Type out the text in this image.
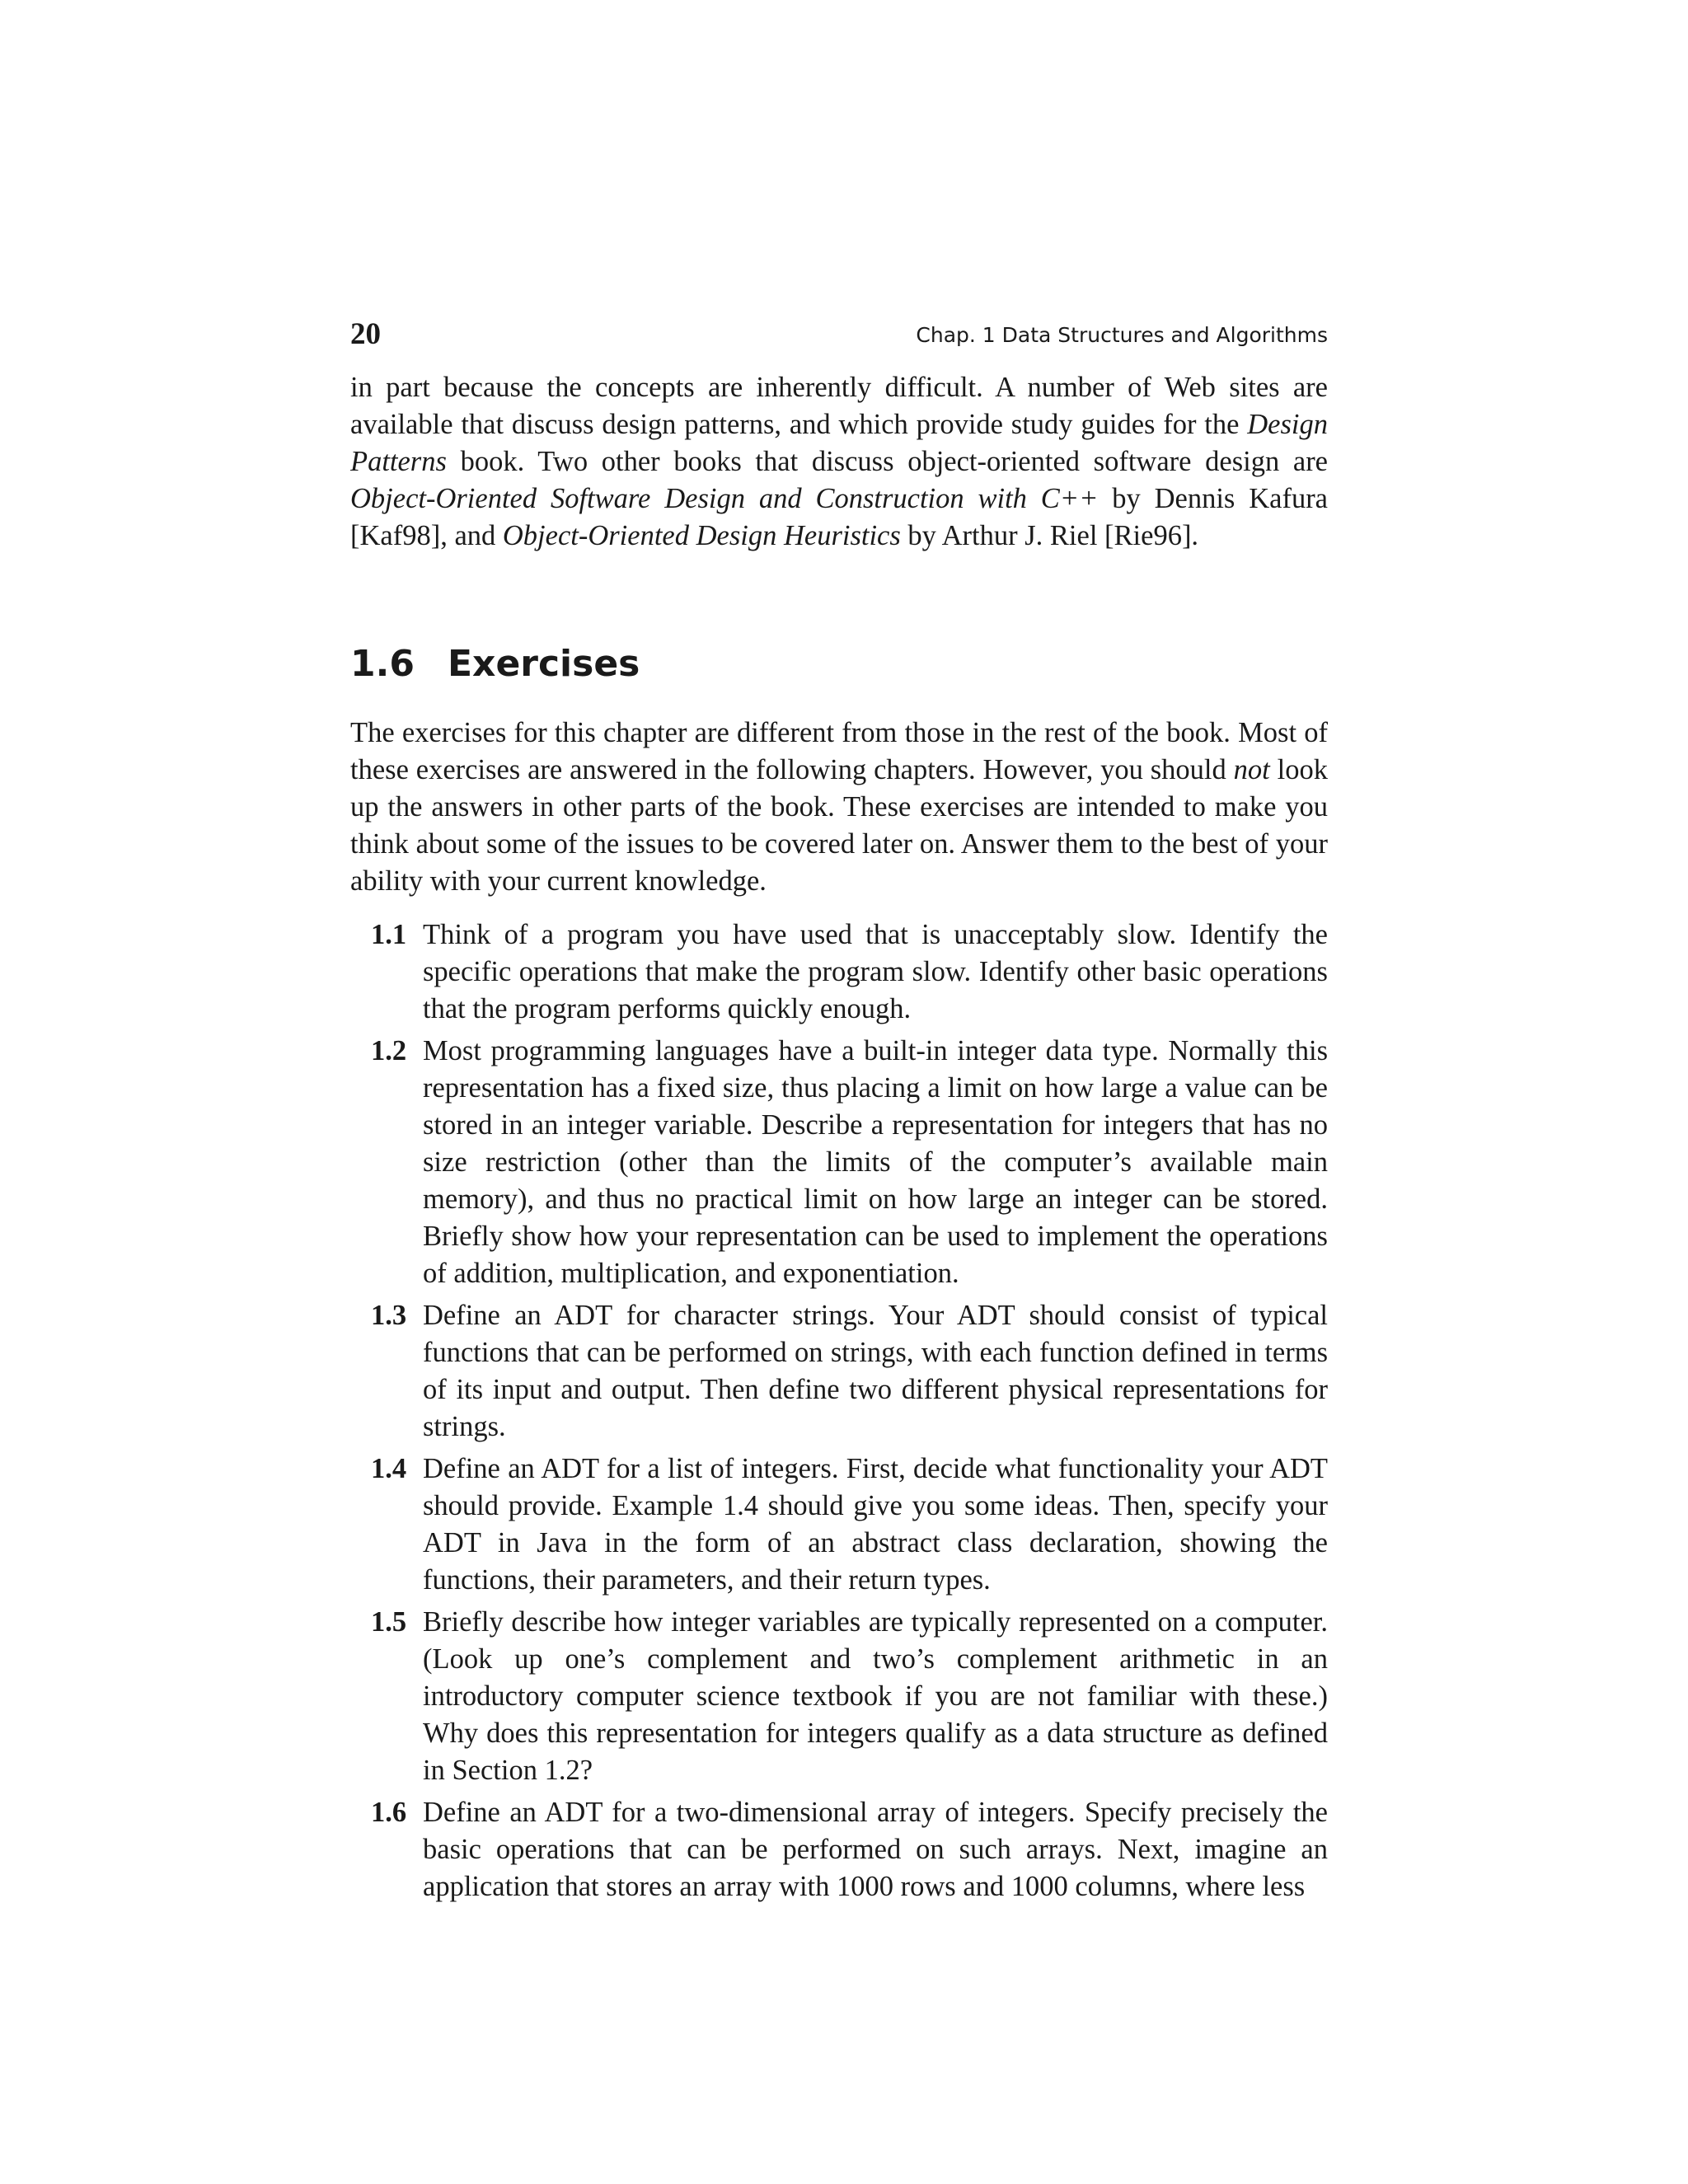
20	Chap. 1 Data Structures and Algorithms

in part because the concepts are inherently difficult. A number of Web sites are available that discuss design patterns, and which provide study guides for the Design Patterns book. Two other books that discuss object-oriented software design are Object-Oriented Software Design and Construction with C++ by Dennis Kafura [Kaf98], and Object-Oriented Design Heuristics by Arthur J. Riel [Rie96].

1.6 Exercises

The exercises for this chapter are different from those in the rest of the book. Most of these exercises are answered in the following chapters. However, you should not look up the answers in other parts of the book. These exercises are intended to make you think about some of the issues to be covered later on. Answer them to the best of your ability with your current knowledge.

1.1 Think of a program you have used that is unacceptably slow. Identify the specific operations that make the program slow. Identify other basic operations that the program performs quickly enough.

1.2 Most programming languages have a built-in integer data type. Normally this representation has a fixed size, thus placing a limit on how large a value can be stored in an integer variable. Describe a representation for integers that has no size restriction (other than the limits of the computer’s available main memory), and thus no practical limit on how large an integer can be stored. Briefly show how your representation can be used to implement the operations of addition, multiplication, and exponentiation.

1.3 Define an ADT for character strings. Your ADT should consist of typical functions that can be performed on strings, with each function defined in terms of its input and output. Then define two different physical representations for strings.

1.4 Define an ADT for a list of integers. First, decide what functionality your ADT should provide. Example 1.4 should give you some ideas. Then, specify your ADT in Java in the form of an abstract class declaration, showing the functions, their parameters, and their return types.

1.5 Briefly describe how integer variables are typically represented on a computer. (Look up one’s complement and two’s complement arithmetic in an introductory computer science textbook if you are not familiar with these.) Why does this representation for integers qualify as a data structure as defined in Section 1.2?

1.6 Define an ADT for a two-dimensional array of integers. Specify precisely the basic operations that can be performed on such arrays. Next, imagine an application that stores an array with 1000 rows and 1000 columns, where less
